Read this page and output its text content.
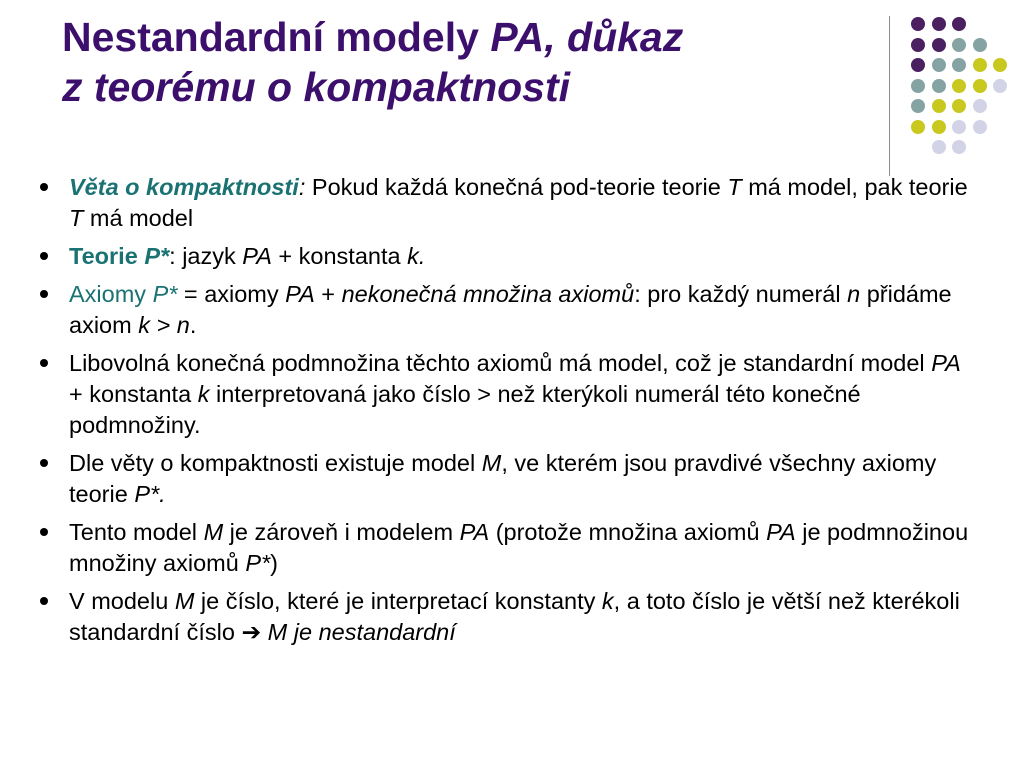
Nestandardní modely PA, důkaz
z teorému o kompaktnosti
Věta o kompaktnosti: Pokud každá konečná pod-teorie teorie T má model, pak teorie T má model
Teorie P*: jazyk PA + konstanta k.
Axiomy P* = axiomy PA + nekonečná množina axiomů: pro každý numerál n přidáme axiom k > n.
Libovolná konečná podmnožina těchto axiomů má model, což je standardní model PA + konstanta k interpretovaná jako číslo > než kterýkoli numerál této konečné podmnožiny.
Dle věty o kompaktnosti existuje model M, ve kterém jsou pravdivé všechny axiomy teorie P*.
Tento model M je zároveň i modelem PA (protože množina axiomů PA je podmnožinou množiny axiomů P*)
V modelu M je číslo, které je interpretací konstanty k, a toto číslo je větší než kterékoli standardní číslo ➔ M je nestandardní
